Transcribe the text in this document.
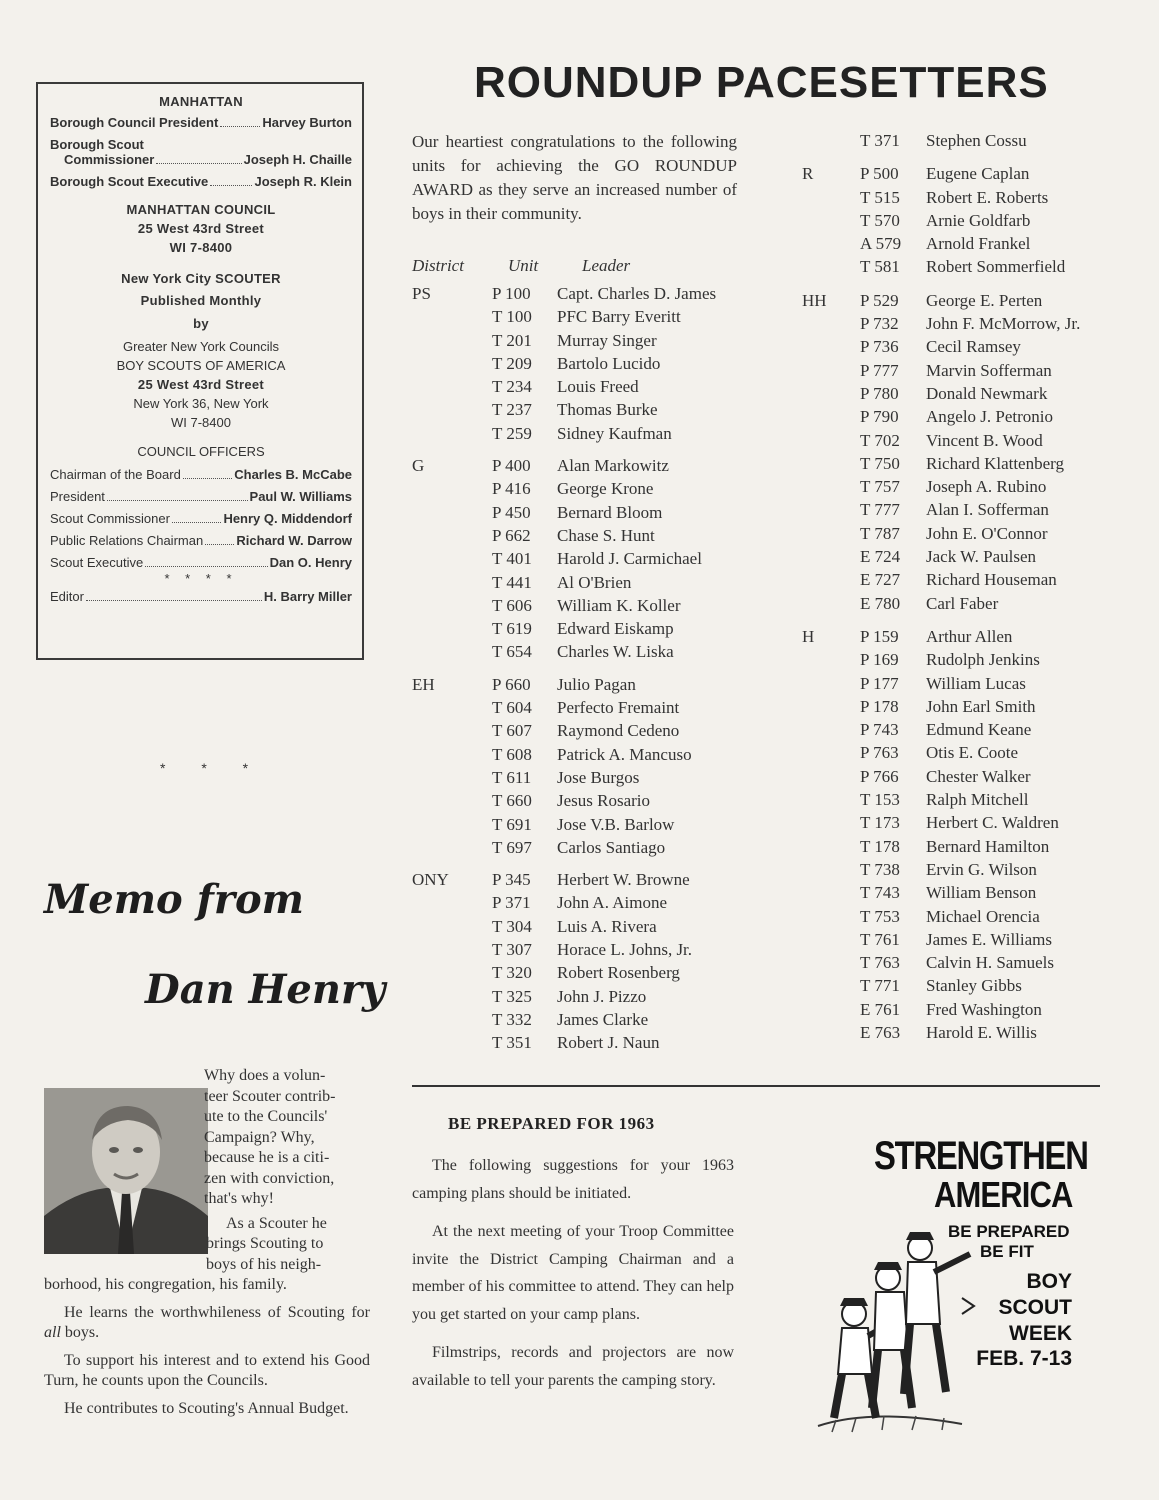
MANHATTAN
Borough Council President	Harvey Burton
Borough Scout
Commissioner	Joseph H. Chaille
Borough Scout Executive	Joseph R. Klein
MANHATTAN COUNCIL
25 West 43rd Street
WI 7-8400
New York City SCOUTER
Published Monthly
by
Greater New York Councils
BOY SCOUTS OF AMERICA
25 West 43rd Street
New York 36, New York
WI 7-8400
COUNCIL OFFICERS
Chairman of the Board	Charles B. McCabe
President	Paul W. Williams
Scout Commissioner	Henry Q. Middendorf
Public Relations Chairman	Richard W. Darrow
Scout Executive	Dan O. Henry
* * * *
Editor	H. Barry Miller
ROUNDUP PACESETTERS
Our heartiest congratulations to the following units for achieving the GO ROUNDUP AWARD as they serve an increased number of boys in their community.
District	Unit	Leader
PS	P 100 Capt. Charles D. James
T 100 PFC Barry Everitt
T 201 Murray Singer
T 209 Bartolo Lucido
T 234 Louis Freed
T 237 Thomas Burke
T 259 Sidney Kaufman
G	P 400 Alan Markowitz
P 416 George Krone
P 450 Bernard Bloom
P 662 Chase S. Hunt
T 401 Harold J. Carmichael
T 441 Al O'Brien
T 606 William K. Koller
T 619 Edward Eiskamp
T 654 Charles W. Liska
EH	P 660 Julio Pagan
T 604 Perfecto Fremaint
T 607 Raymond Cedeno
T 608 Patrick A. Mancuso
T 611 Jose Burgos
T 660 Jesus Rosario
T 691 Jose V.B. Barlow
T 697 Carlos Santiago
ONY	P 345 Herbert W. Browne
P 371 John A. Aimone
T 304 Luis A. Rivera
T 307 Horace L. Johns, Jr.
T 320 Robert Rosenberg
T 325 John J. Pizzo
T 332 James Clarke
T 351 Robert J. Naun
T 371 Stephen Cossu
R	P 500 Eugene Caplan
T 515 Robert E. Roberts
T 570 Arnie Goldfarb
A 579 Arnold Frankel
T 581 Robert Sommerfield
HH P 529 George E. Perten
P 732 John F. McMorrow, Jr.
P 736 Cecil Ramsey
P 777 Marvin Sofferman
P 780 Donald Newmark
P 790 Angelo J. Petronio
T 702 Vincent B. Wood
T 750 Richard Klattenberg
T 757 Joseph A. Rubino
T 777 Alan I. Sofferman
T 787 John E. O'Connor
E 724 Jack W. Paulsen
E 727 Richard Houseman
E 780 Carl Faber
H	P 159 Arthur Allen
P 169 Rudolph Jenkins
P 177 William Lucas
P 178 John Earl Smith
P 743 Edmund Keane
P 763 Otis E. Coote
P 766 Chester Walker
T 153 Ralph Mitchell
T 173 Herbert C. Waldren
T 178 Bernard Hamilton
T 738 Ervin G. Wilson
T 743 William Benson
T 753 Michael Orencia
T 761 James E. Williams
T 763 Calvin H. Samuels
T 771 Stanley Gibbs
E 761 Fred Washington
E 763 Harold E. Willis
BE PREPARED FOR 1963

The following suggestions for your 1963 camping plans should be initiated.

At the next meeting of your Troop Committee invite the District Camping Chairman and a member of his committee to attend. They can help you get started on your camp plans.

Filmstrips, records and projectors are now available to tell your parents the camping story.

* * *
Memo from
Dan Henry
Why does a volun-
teer Scouter contrib-
ute to the Councils'
Campaign? Why,
because he is a citi-
zen with conviction,
that's why!
As a Scouter he
brings Scouting to
boys of his neigh-
borhood, his congregation, his family.
He learns the worthwhileness of Scouting for all boys.
To support his interest and to extend his Good Turn, he counts upon the Councils.
He contributes to Scouting's Annual Budget.
STRENGTHEN
AMERICA
BE PREPARED
BE FIT
BOY
SCOUT
WEEK
FEB. 7-13
